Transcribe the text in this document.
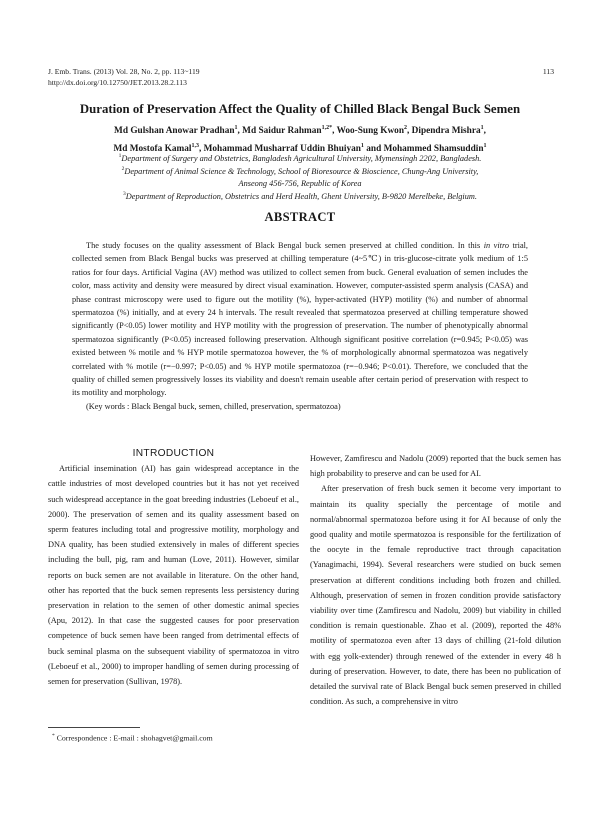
J. Emb. Trans. (2013) Vol. 28, No. 2, pp. 113~119
http://dx.doi.org/10.12750/JET.2013.28.2.113
113
Duration of Preservation Affect the Quality of Chilled Black Bengal Buck Semen
Md Gulshan Anowar Pradhan$^1$, Md Saidur Rahman$^{1,2*}$, Woo-Sung Kwon$^2$, Dipendra Mishra$^1$,
Md Mostofa Kamal$^{1,3}$, Mohammad Musharraf Uddin Bhuiyan$^1$ and Mohammed Shamsuddin$^1$

$^1$Department of Surgery and Obstetrics, Bangladesh Agricultural University, Mymensingh 2202, Bangladesh.

$^2$Department of Animal Science & Technology, School of Bioresource & Bioscience, Chung-Ang University,

Anseong 456-756, Republic of Korea

$^3$Department of Reproduction, Obstetrics and Herd Health, Ghent University, B-9820 Merelbeke, Belgium.

ABSTRACT

The study focuses on the quality assessment of Black Bengal buck semen preserved at chilled condition. In this in vitro trial, collected semen from Black Bengal bucks was preserved at chilling temperature (4~5℃) in tris-glucose-citrate yolk medium of 1:5 ratios for four days. Artificial Vagina (AV) method was utilized to collect semen from buck. General evaluation of semen includes the color, mass activity and density were measured by direct visual examination. However, computer-assisted sperm analysis (CASA) and phase contrast microscopy were used to figure out the motility (%), hyper-activated (HYP) motility (%) and number of abnormal spermatozoa (%) initially, and at every 24 h intervals. The result revealed that spermatozoa preserved at chilling temperature showed significantly (P<0.05) lower motility and HYP motility with the progression of preservation. The number of phenotypically abnormal spermatozoa significantly (P<0.05) increased following preservation. Although significant positive correlation (r=0.945; P<0.05) was existed between % motile and % HYP motile spermatozoa however, the % of morphologically abnormal spermatozoa was negatively correlated with % motile (r=−0.997; P<0.05) and % HYP motile spermatozoa (r=−0.946; P<0.01). Therefore, we concluded that the quality of chilled semen progressively losses its viability and doesn't remain useable after certain period of preservation with respect to its motility and morphology.

(Key words : Black Bengal buck, semen, chilled, preservation, spermatozoa)

INTRODUCTION

Artificial insemination (AI) has gain widespread acceptance in the cattle industries of most developed countries but it has not yet received such widespread acceptance in the goat breeding industries (Leboeuf et al., 2000). The preservation of semen and its quality assessment based on sperm features including total and progressive motility, morphology and DNA quality, has been studied extensively in males of different species including the bull, pig, ram and human (Love, 2011). However, similar reports on buck semen are not available in literature. On the other hand, other has reported that the buck semen represents less persistency during preservation in relation to the semen of other domestic animal species (Apu, 2012). In that case the suggested causes for poor preservation competence of buck semen have been ranged from detrimental effects of buck seminal plasma on the subsequent viability of spermatozoa in vitro (Leboeuf et al., 2000) to improper handling of semen during processing of semen for preservation (Sullivan, 1978).

However, Zamfirescu and Nadolu (2009) reported that the buck semen has high probability to preserve and can be used for AI.

After preservation of fresh buck semen it become very important to maintain its quality specially the percentage of motile and normal/abnormal spermatozoa before using it for AI because of only the good quality and motile spermatozoa is responsible for the fertilization of the oocyte in the female reproductive tract through capacitation (Yanagimachi, 1994). Several researchers were studied on buck semen preservation at different conditions including both frozen and chilled. Although, preservation of semen in frozen condition provide satisfactory viability over time (Zamfirescu and Nadolu, 2009) but viability in chilled condition is remain questionable. Zhao et al. (2009), reported the 48% motility of spermatozoa even after 13 days of chilling (21-fold dilution with egg yolk-extender) through renewed of the extender in every 48 h during of preservation. However, to date, there has been no publication of detailed the survival rate of Black Bengal buck semen preserved in chilled condition. As such, a comprehensive in vitro

* Correspondence : E-mail : shohagvet@gmail.com
